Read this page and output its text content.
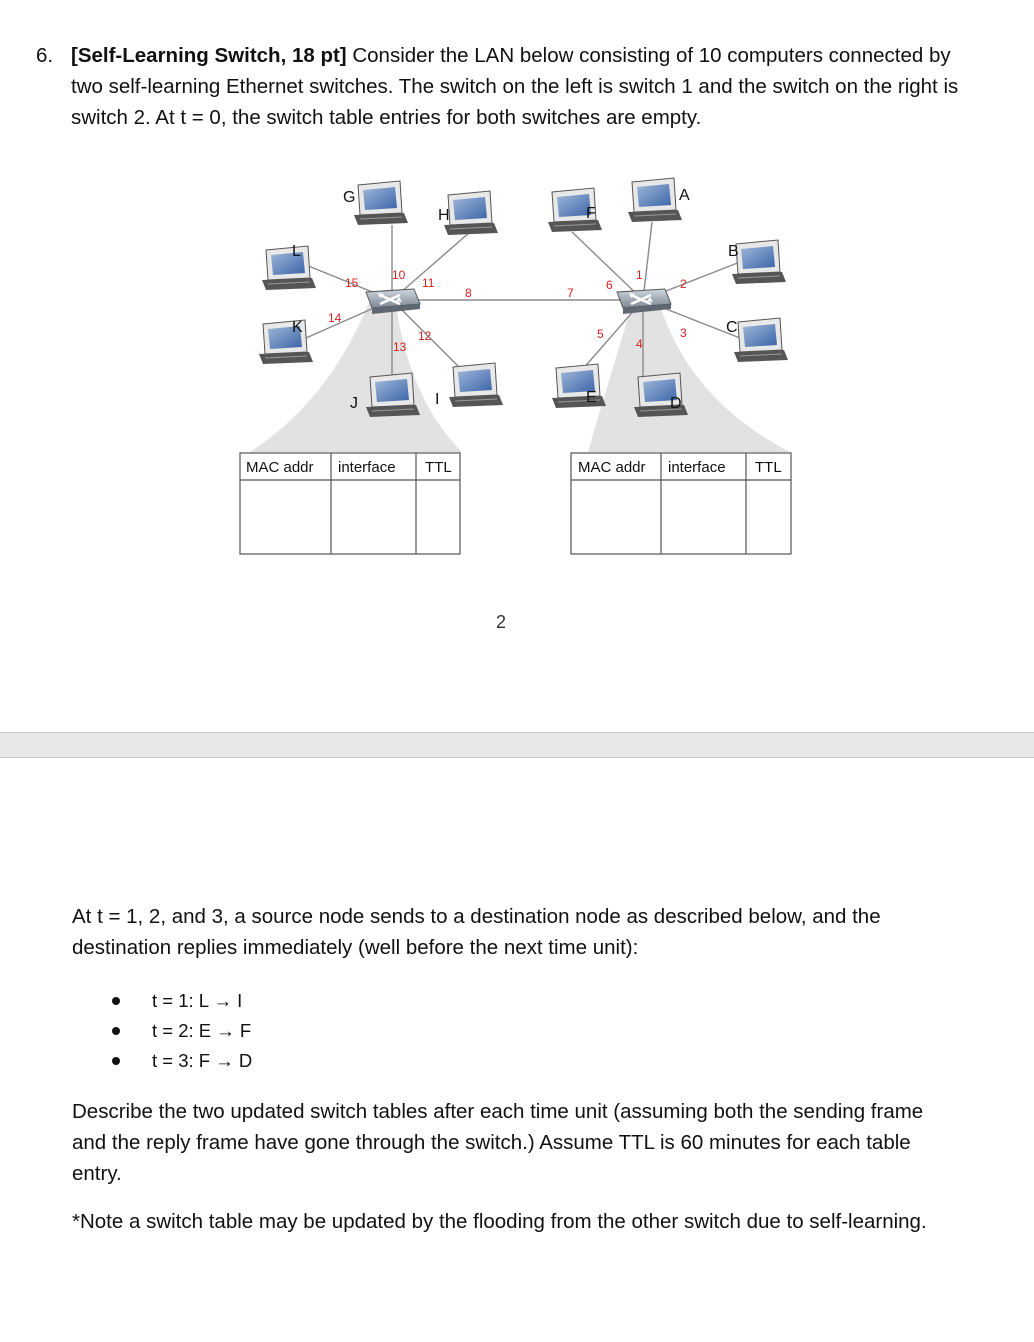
6. [Self-Learning Switch, 18 pt] Consider the LAN below consisting of 10 computers connected by two self-learning Ethernet switches. The switch on the left is switch 1 and the switch on the right is switch 2. At t = 0, the switch table entries for both switches are empty.
G
H
L
K
J	I
F
A
B
C
E	D
15
10
11
14
13
12
8	7
6
1
2
5
4
3
MAC addr interface TTL	MAC addr interface TTL
2
At t = 1, 2, and 3, a source node sends to a destination node as described below, and the destination replies immediately (well before the next time unit):
t = 1: L → I
t = 2: E → F
t = 3: F → D
Describe the two updated switch tables after each time unit (assuming both the sending frame and the reply frame have gone through the switch.) Assume TTL is 60 minutes for each table entry.
*Note a switch table may be updated by the flooding from the other switch due to self-learning.
